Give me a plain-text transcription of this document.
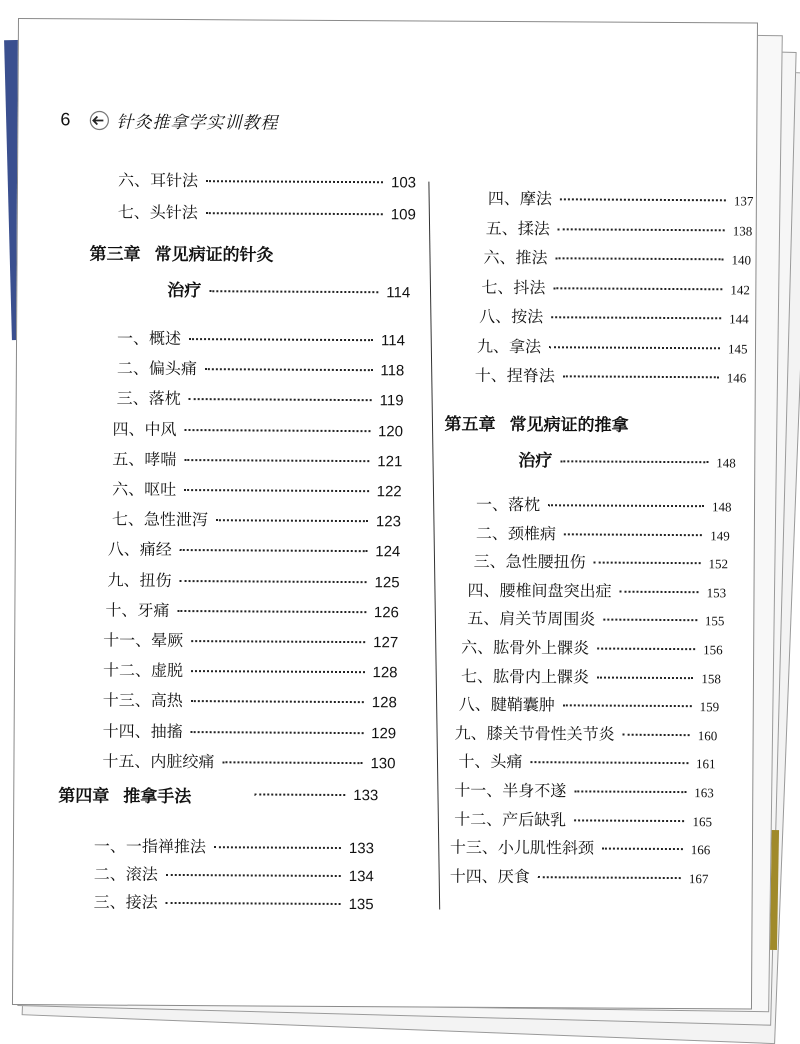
6	针灸推拿学实训教程
六、耳针法	103
七、头针法	109
第三章 常见病证的针灸
治疗	114
一、概述	114
二、偏头痛	118
三、落枕	119
四、中风	120
五、哮喘	121
六、呕吐	122
七、急性泄泻	123
八、痛经	124
九、扭伤	125
十、牙痛	126
十一、晕厥	127
十二、虚脱	128
十三、高热	128
十四、抽搐	129
十五、内脏绞痛	130
第四章 推拿手法	133
一、一指禅推法	133
二、滚法	134
三、接法	135
四、摩法	137
五、揉法	138
六、推法	140
七、抖法	142
八、按法	144
九、拿法	145
十、捏脊法	146
第五章 常见病证的推拿
治疗	148
一、落枕	148
二、颈椎病	149
三、急性腰扭伤	152
四、腰椎间盘突出症	153
五、肩关节周围炎	155
六、肱骨外上髁炎	156
七、肱骨内上髁炎	158
八、腱鞘囊肿	159
九、膝关节骨性关节炎	160
十、头痛	161
十一、半身不遂	163
十二、产后缺乳	165
十三、小儿肌性斜颈	166
十四、厌食	167
